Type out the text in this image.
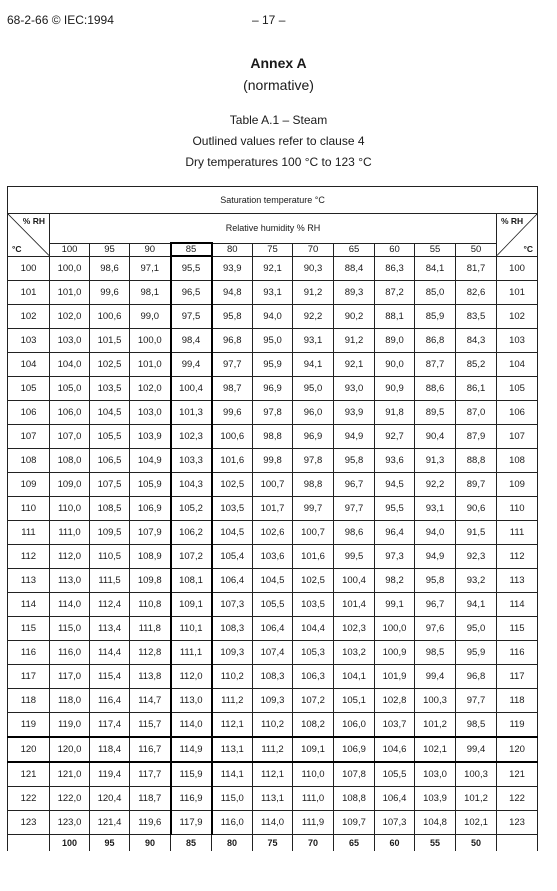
68-2-66 © IEC:1994	– 17 –
Annex A
(normative)
Table A.1 – Steam
Outlined values refer to clause 4
Dry temperatures 100 °C to 123 °C
Saturation temperature °C												

% RH
°C	Relative humidity % RH											% RH
°C

	100	95	90	85	80	75	70	65	60	55	50	
100	100,0	98,6	97,1	95,5	93,9	92,1	90,3	88,4	86,3	84,1	81,7	100
101	101,0	99,6	98,1	96,5	94,8	93,1	91,2	89,3	87,2	85,0	82,6	101
102	102,0	100,6	99,0	97,5	95,8	94,0	92,2	90,2	88,1	85,9	83,5	102
103	103,0	101,5	100,0	98,4	96,8	95,0	93,1	91,2	89,0	86,8	84,3	103
104	104,0	102,5	101,0	99,4	97,7	95,9	94,1	92,1	90,0	87,7	85,2	104
105	105,0	103,5	102,0	100,4	98,7	96,9	95,0	93,0	90,9	88,6	86,1	105
106	106,0	104,5	103,0	101,3	99,6	97,8	96,0	93,9	91,8	89,5	87,0	106
107	107,0	105,5	103,9	102,3	100,6	98,8	96,9	94,9	92,7	90,4	87,9	107
108	108,0	106,5	104,9	103,3	101,6	99,8	97,8	95,8	93,6	91,3	88,8	108
109	109,0	107,5	105,9	104,3	102,5	100,7	98,8	96,7	94,5	92,2	89,7	109
110	110,0	108,5	106,9	105,2	103,5	101,7	99,7	97,7	95,5	93,1	90,6	110
111	111,0	109,5	107,9	106,2	104,5	102,6	100,7	98,6	96,4	94,0	91,5	111
112	112,0	110,5	108,9	107,2	105,4	103,6	101,6	99,5	97,3	94,9	92,3	112
113	113,0	111,5	109,8	108,1	106,4	104,5	102,5	100,4	98,2	95,8	93,2	113
114	114,0	112,4	110,8	109,1	107,3	105,5	103,5	101,4	99,1	96,7	94,1	114
115	115,0	113,4	111,8	110,1	108,3	106,4	104,4	102,3	100,0	97,6	95,0	115
116	116,0	114,4	112,8	111,1	109,3	107,4	105,3	103,2	100,9	98,5	95,9	116
117	117,0	115,4	113,8	112,0	110,2	108,3	106,3	104,1	101,9	99,4	96,8	117
118	118,0	116,4	114,7	113,0	111,2	109,3	107,2	105,1	102,8	100,3	97,7	118
119	119,0	117,4	115,7	114,0	112,1	110,2	108,2	106,0	103,7	101,2	98,5	119
120	120,0	118,4	116,7	114,9	113,1	111,2	109,1	106,9	104,6	102,1	99,4	120
121	121,0	119,4	117,7	115,9	114,1	112,1	110,0	107,8	105,5	103,0	100,3	121
122	122,0	120,4	118,7	116,9	115,0	113,1	111,0	108,8	106,4	103,9	101,2	122
123	123,0	121,4	119,6	117,9	116,0	114,0	111,9	109,7	107,3	104,8	102,1	123
	100	95	90	85	80	75	70	65	60	55	50	
